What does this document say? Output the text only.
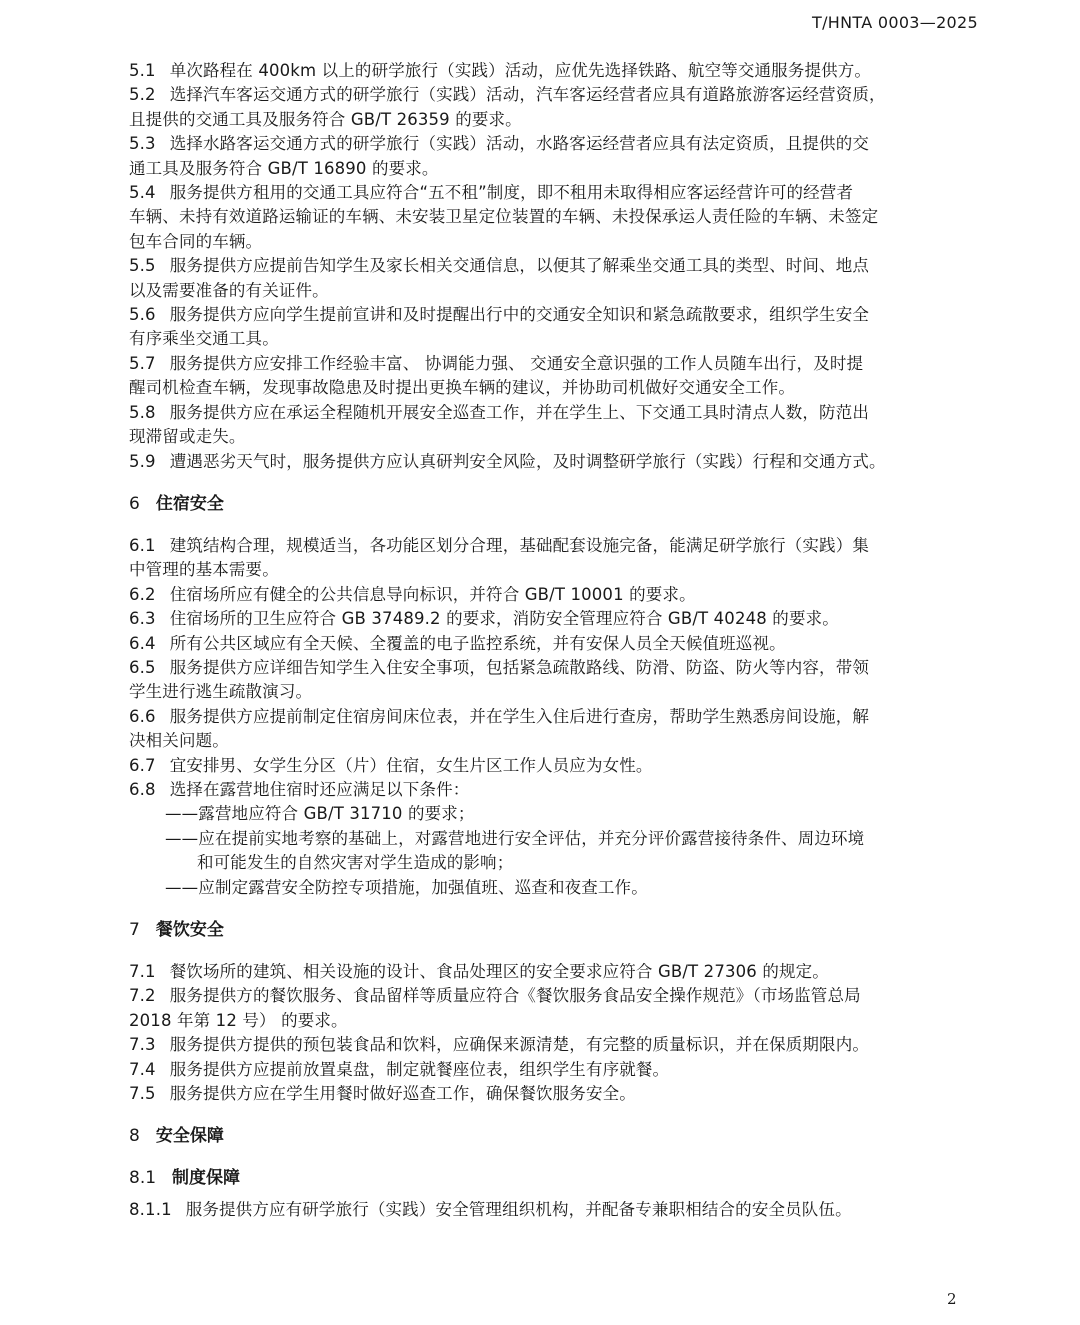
T/HNTA 0003—2025
5.1 单次路程在 400km 以上的研学旅行（实践）活动，应优先选择铁路、航空等交通服务提供方。
5.2 选择汽车客运交通方式的研学旅行（实践）活动，汽车客运经营者应具有道路旅游客运经营资质，
且提供的交通工具及服务符合 GB/T 26359 的要求。
5.3 选择水路客运交通方式的研学旅行（实践）活动，水路客运经营者应具有法定资质，且提供的交
通工具及服务符合 GB/T 16890 的要求。
5.4 服务提供方租用的交通工具应符合“五不租”制度，即不租用未取得相应客运经营许可的经营者
车辆、未持有效道路运输证的车辆、未安装卫星定位装置的车辆、未投保承运人责任险的车辆、未签定
包车合同的车辆。
5.5 服务提供方应提前告知学生及家长相关交通信息，以便其了解乘坐交通工具的类型、时间、地点
以及需要准备的有关证件。
5.6 服务提供方应向学生提前宣讲和及时提醒出行中的交通安全知识和紧急疏散要求，组织学生安全
有序乘坐交通工具。
5.7 服务提供方应安排工作经验丰富、 协调能力强、 交通安全意识强的工作人员随车出行，及时提
醒司机检查车辆，发现事故隐患及时提出更换车辆的建议，并协助司机做好交通安全工作。
5.8 服务提供方应在承运全程随机开展安全巡查工作，并在学生上、下交通工具时清点人数，防范出
现滞留或走失。
5.9 遭遇恶劣天气时，服务提供方应认真研判安全风险，及时调整研学旅行（实践）行程和交通方式。
6 住宿安全
6.1 建筑结构合理，规模适当，各功能区划分合理，基础配套设施完备，能满足研学旅行（实践）集
中管理的基本需要。
6.2 住宿场所应有健全的公共信息导向标识，并符合 GB/T 10001 的要求。
6.3 住宿场所的卫生应符合 GB 37489.2 的要求，消防安全管理应符合 GB/T 40248 的要求。
6.4 所有公共区域应有全天候、全覆盖的电子监控系统，并有安保人员全天候值班巡视。
6.5 服务提供方应详细告知学生入住安全事项，包括紧急疏散路线、防滑、防盗、防火等内容，带领
学生进行逃生疏散演习。
6.6 服务提供方应提前制定住宿房间床位表，并在学生入住后进行查房，帮助学生熟悉房间设施，解
决相关问题。
6.7 宜安排男、女学生分区（片）住宿，女生片区工作人员应为女性。
6.8 选择在露营地住宿时还应满足以下条件：
——露营地应符合 GB/T 31710 的要求；
——应在提前实地考察的基础上，对露营地进行安全评估，并充分评价露营接待条件、周边环境
和可能发生的自然灾害对学生造成的影响；
——应制定露营安全防控专项措施，加强值班、巡查和夜查工作。
7 餐饮安全
7.1 餐饮场所的建筑、相关设施的设计、食品处理区的安全要求应符合 GB/T 27306 的规定。
7.2 服务提供方的餐饮服务、食品留样等质量应符合《餐饮服务食品安全操作规范》（市场监管总局
2018 年第 12 号） 的要求。
7.3 服务提供方提供的预包装食品和饮料，应确保来源清楚，有完整的质量标识，并在保质期限内。
7.4 服务提供方应提前放置桌盘，制定就餐座位表，组织学生有序就餐。
7.5 服务提供方应在学生用餐时做好巡查工作，确保餐饮服务安全。
8 安全保障
8.1 制度保障
8.1.1 服务提供方应有研学旅行（实践）安全管理组织机构，并配备专兼职相结合的安全员队伍。
2
